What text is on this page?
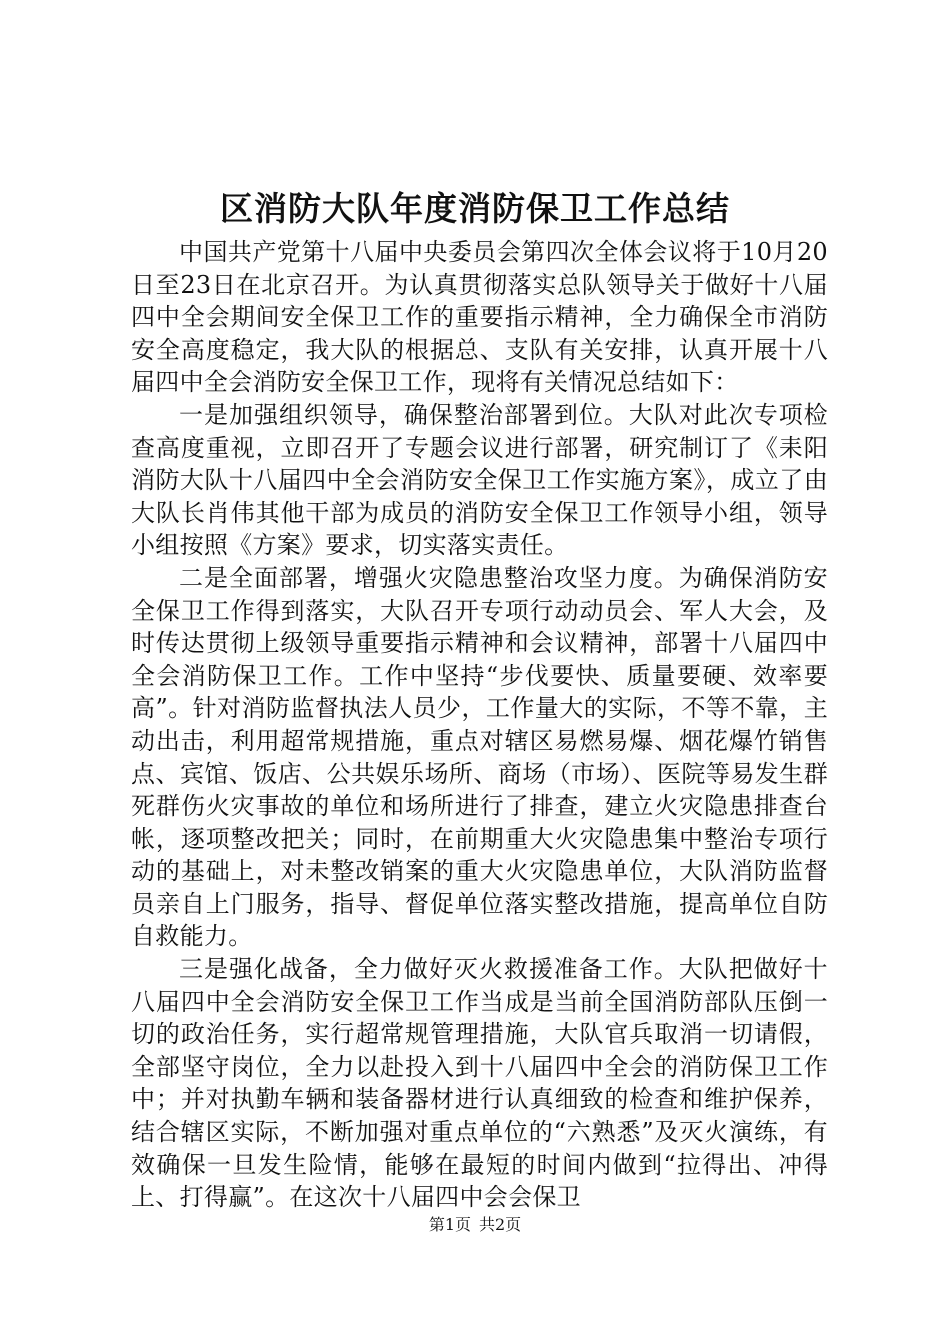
区消防大队年度消防保卫工作总结

中国共产党第十八届中央委员会第四次全体会议将于10月20日至23日在北京召开。为认真贯彻落实总队领导关于做好十八届四中全会期间安全保卫工作的重要指示精神，全力确保全市消防安全高度稳定，我大队的根据总、支队有关安排，认真开展十八届四中全会消防安全保卫工作，现将有关情况总结如下：

一是加强组织领导，确保整治部署到位。大队对此次专项检查高度重视，立即召开了专题会议进行部署，研究制订了《耒阳消防大队十八届四中全会消防安全保卫工作实施方案》，成立了由大队长肖伟其他干部为成员的消防安全保卫工作领导小组，领导小组按照《方案》要求，切实落实责任。

二是全面部署，增强火灾隐患整治攻坚力度。为确保消防安全保卫工作得到落实，大队召开专项行动动员会、军人大会，及时传达贯彻上级领导重要指示精神和会议精神，部署十八届四中全会消防保卫工作。工作中坚持“步伐要快、质量要硬、效率要高”。针对消防监督执法人员少，工作量大的实际，不等不靠，主动出击，利用超常规措施，重点对辖区易燃易爆、烟花爆竹销售点、宾馆、饭店、公共娱乐场所、商场（市场）、医院等易发生群死群伤火灾事故的单位和场所进行了排查，建立火灾隐患排查台帐，逐项整改把关；同时，在前期重大火灾隐患集中整治专项行动的基础上，对未整改销案的重大火灾隐患单位，大队消防监督员亲自上门服务，指导、督促单位落实整改措施，提高单位自防自救能力。

三是强化战备，全力做好灭火救援准备工作。大队把做好十八届四中全会消防安全保卫工作当成是当前全国消防部队压倒一切的政治任务，实行超常规管理措施，大队官兵取消一切请假，全部坚守岗位，全力以赴投入到十八届四中全会的消防保卫工作中；并对执勤车辆和装备器材进行认真细致的检查和维护保养，结合辖区实际，不断加强对重点单位的“六熟悉”及灭火演练，有效确保一旦发生险情，能够在最短的时间内做到“拉得出、冲得上、打得赢”。在这次十八届四中会会保卫

第1页 共2页
